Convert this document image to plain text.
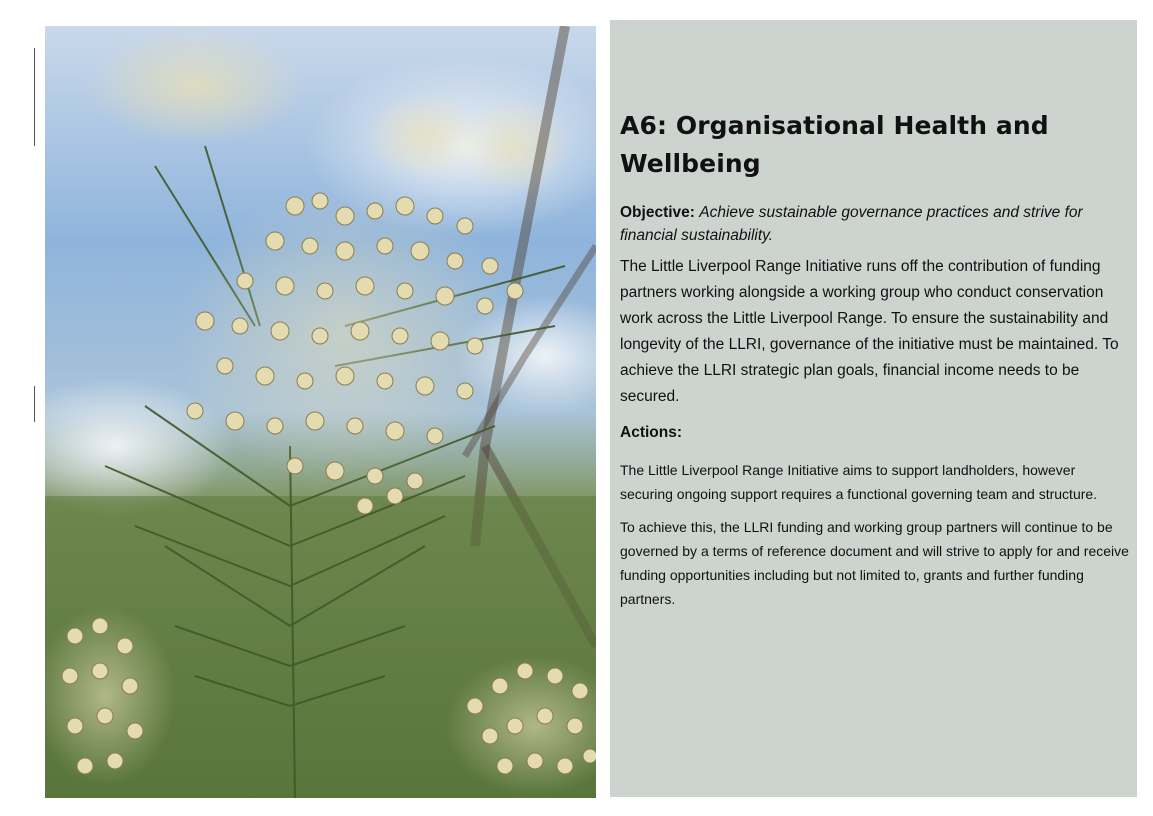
A6: Organisational Health and Wellbeing

Objective: Achieve sustainable governance practices and strive for financial sustainability.

The Little Liverpool Range Initiative runs off the contribution of funding partners working alongside a working group who conduct conservation work across the Little Liverpool Range. To ensure the sustainability and longevity of the LLRI, governance of the initiative must be maintained. To achieve the LLRI strategic plan goals, financial income needs to be secured.

Actions:

The Little Liverpool Range Initiative aims to support landholders, however securing ongoing support requires a functional governing team and structure.

To achieve this, the LLRI funding and working group partners will continue to be governed by a terms of reference document and will strive to apply for and receive funding opportunities including but not limited to, grants and further funding partners.
